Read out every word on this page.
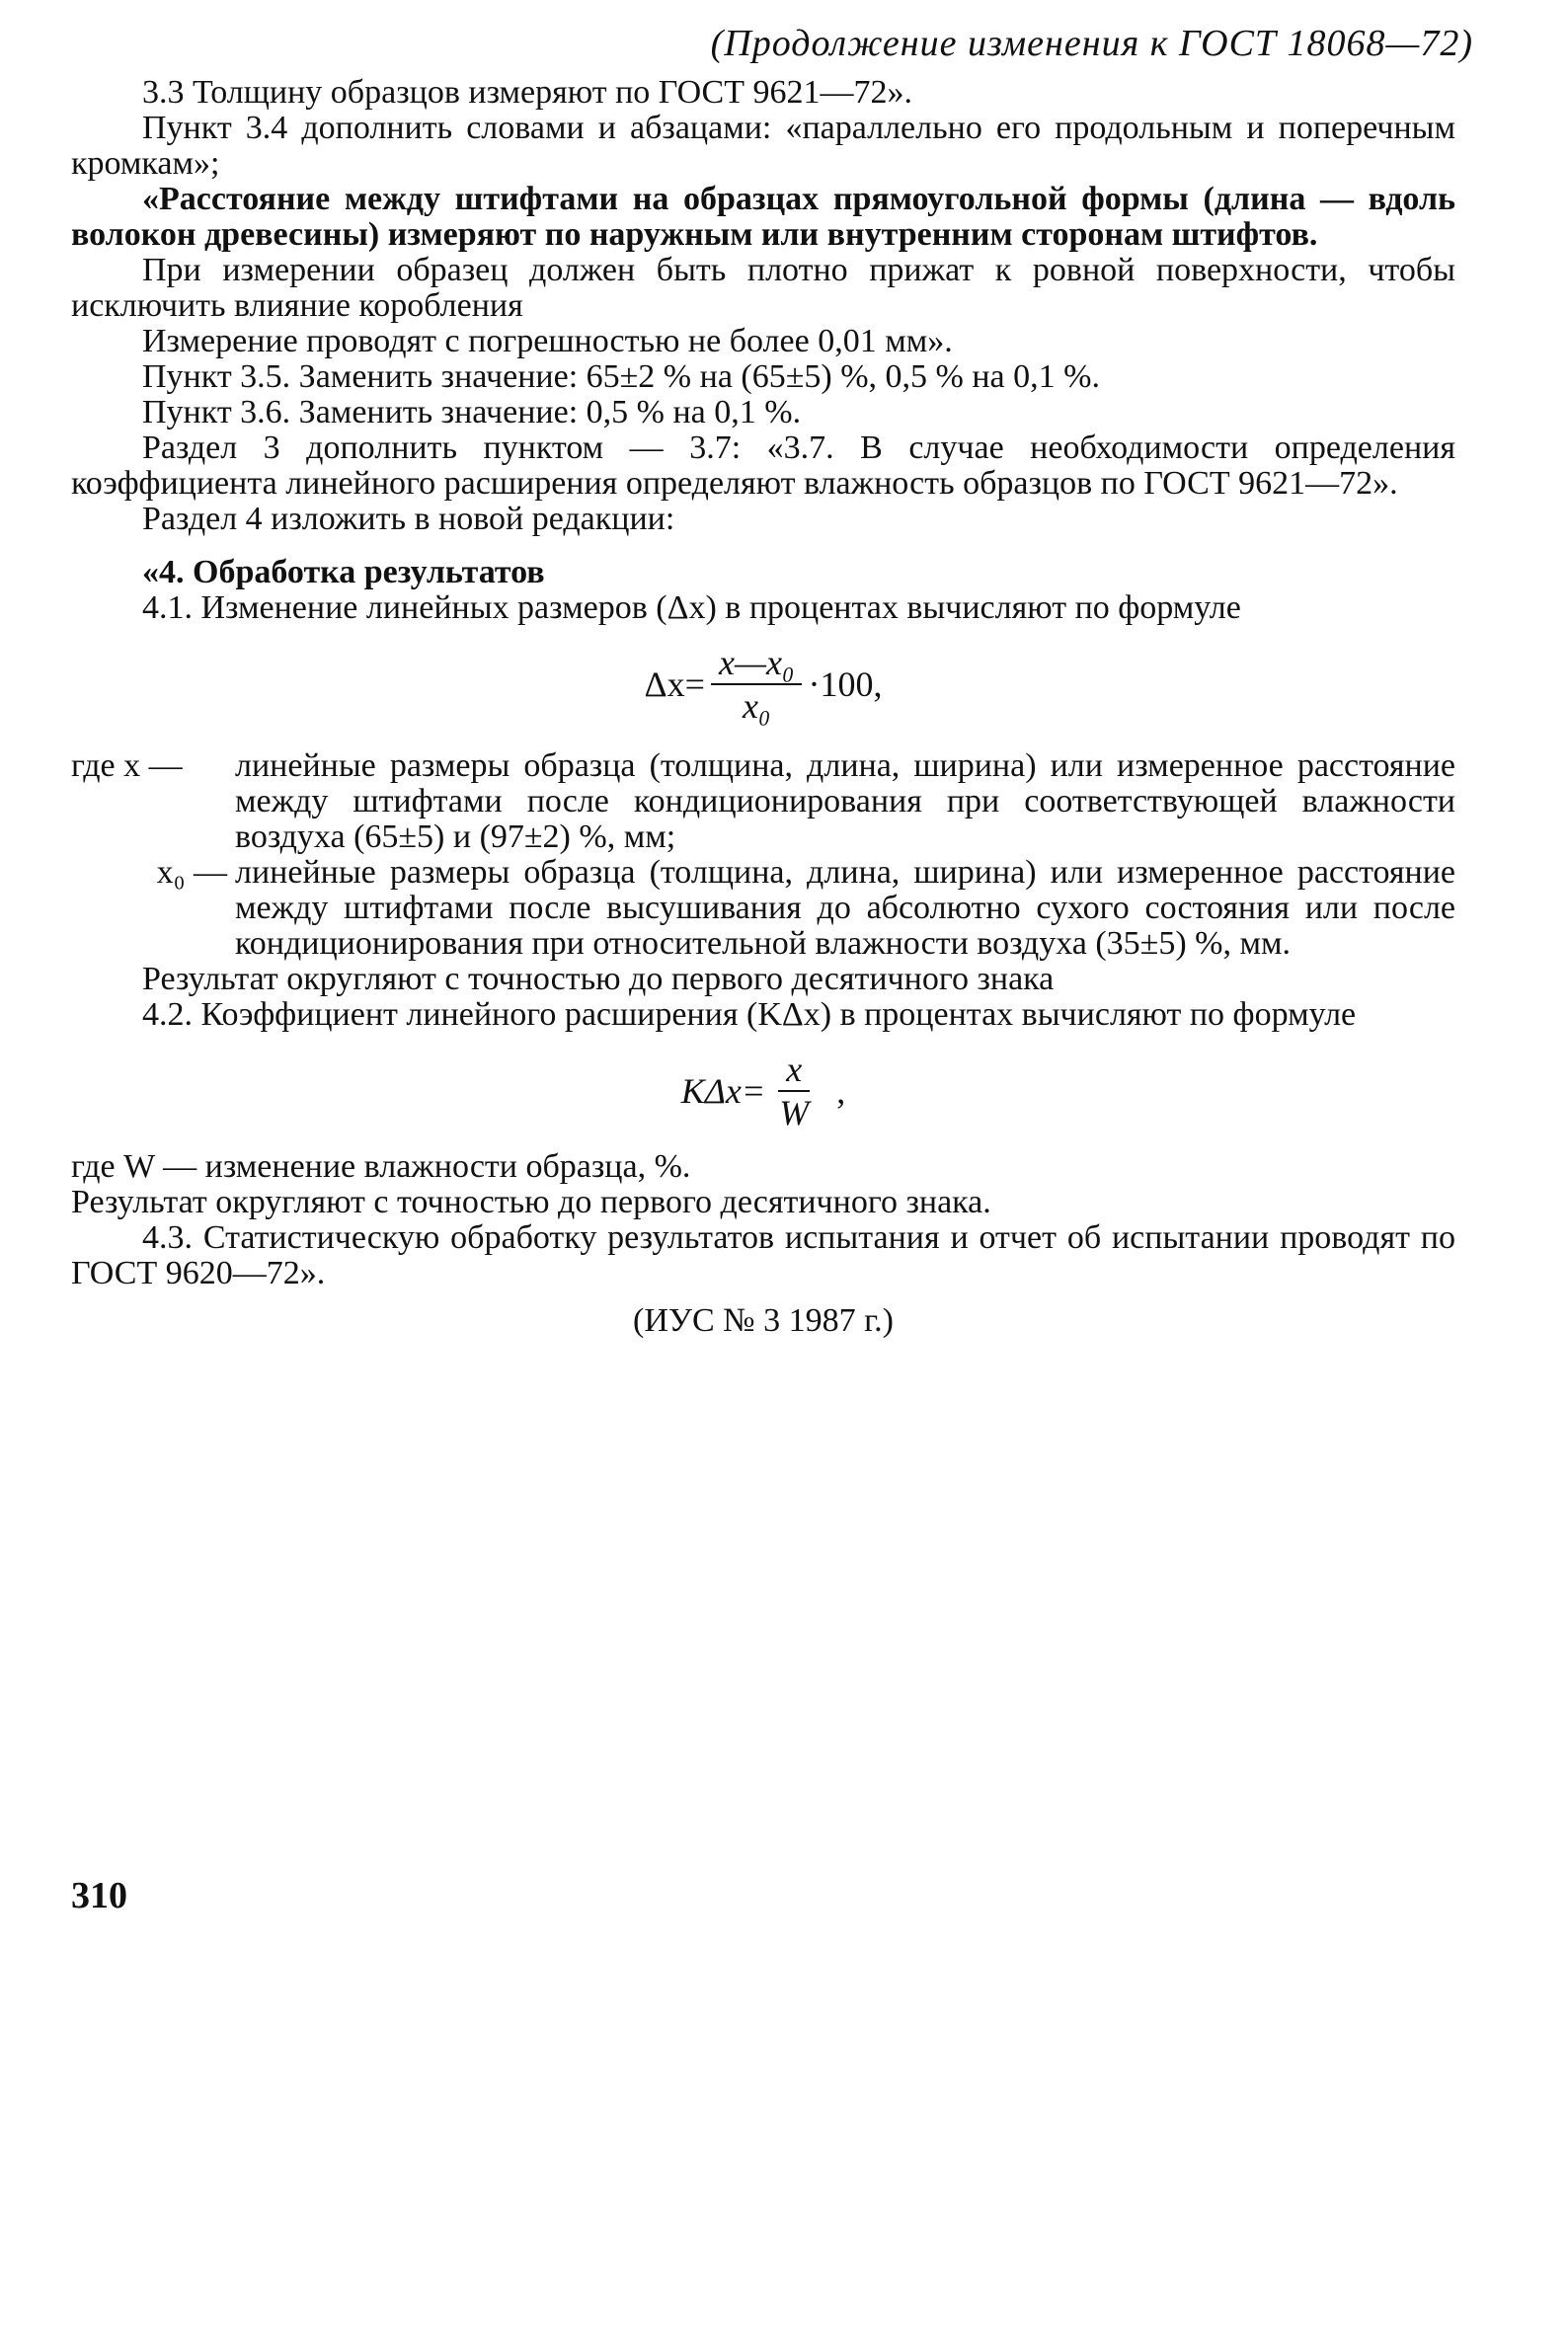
(Продолжение изменения к ГОСТ 18068—72)

3.3 Толщину образцов измеряют по ГОСТ 9621—72».

Пункт 3.4 дополнить словами и абзацами: «параллельно его продольным и поперечным кромкам»;

«Расстояние между штифтами на образцах прямоугольной формы (длина — вдоль волокон древесины) измеряют по наружным или внутренним сторонам штифтов.

При измерении образец должен быть плотно прижат к ровной поверхности, чтобы исключить влияние коробления

Измерение проводят с погрешностью не более 0,01 мм».

Пункт 3.5. Заменить значение: 65±2 % на (65±5) %, 0,5 % на 0,1 %.

Пункт 3.6. Заменить значение: 0,5 % на 0,1 %.

Раздел 3 дополнить пунктом — 3.7: «3.7. В случае необходимости определения коэффициента линейного расширения определяют влажность образцов по ГОСТ 9621—72».

Раздел 4 изложить в новой редакции:

«4. Обработка результатов

4.1. Изменение линейных размеров (Δx) в процентах вычисляют по формуле

$\Delta x= \frac{\text{x—x₀}}{\text{x₀}} \cdot 100$,
где x —	линейные размеры образца (толщина, длина, ширина) или измеренное расстояние между штифтами после кондиционирования при соответствующей влажности воздуха (65±5) и (97±2) %, мм;
x₀ — линейные размеры образца (толщина, длина, ширина) или измеренное расстояние между штифтами после высушивания до абсолютно сухого состояния или после кондиционирования при относительной влажности воздуха (35±5) %, мм.

Результат округляют с точностью до первого десятичного знака

4.2. Коэффициент линейного расширения (KΔx) в процентах вычисляют по формуле

$K\Delta x= \frac{x}{W}$ ,

где W — изменение влажности образца, %.

Результат округляют с точностью до первого десятичного знака.

4.3. Статистическую обработку результатов испытания и отчет об испытании проводят по ГОСТ 9620—72».

(ИУС № 3 1987 г.)

310
